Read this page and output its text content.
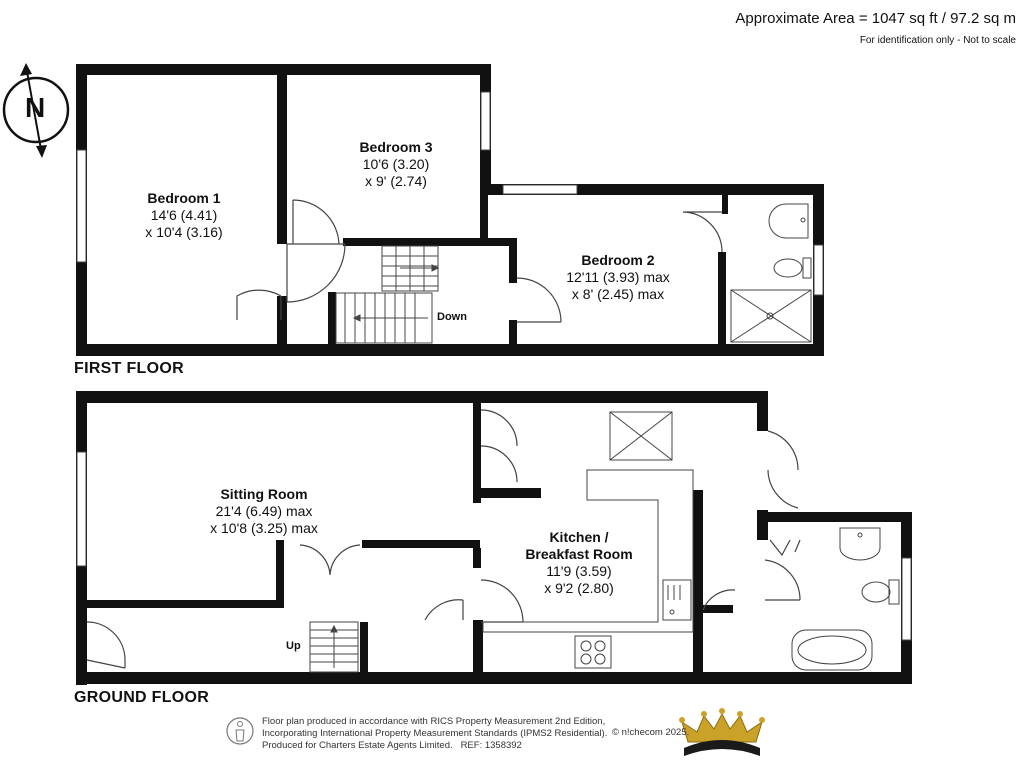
Approximate Area = 1047 sq ft / 97.2 sq m
For identification only - Not to scale
N
FIRST FLOOR
GROUND FLOOR
Bedroom 1
14'6 (4.41)
x 10'4 (3.16)
Bedroom 3
10'6 (3.20)
x 9' (2.74)
Bedroom 2
12'11 (3.93) max
x 8' (2.45) max
Sitting Room
21'4 (6.49) max
x 10'8 (3.25) max
Kitchen /
Breakfast Room
11'9 (3.59)
x 9'2 (2.80)
Down
Up
Floor plan produced in accordance with RICS Property Measurement 2nd Edition,
Incorporating International Property Measurement Standards (IPMS2 Residential).
Produced for Charters Estate Agents Limited. REF: 1358392
© n!checom 2025.
